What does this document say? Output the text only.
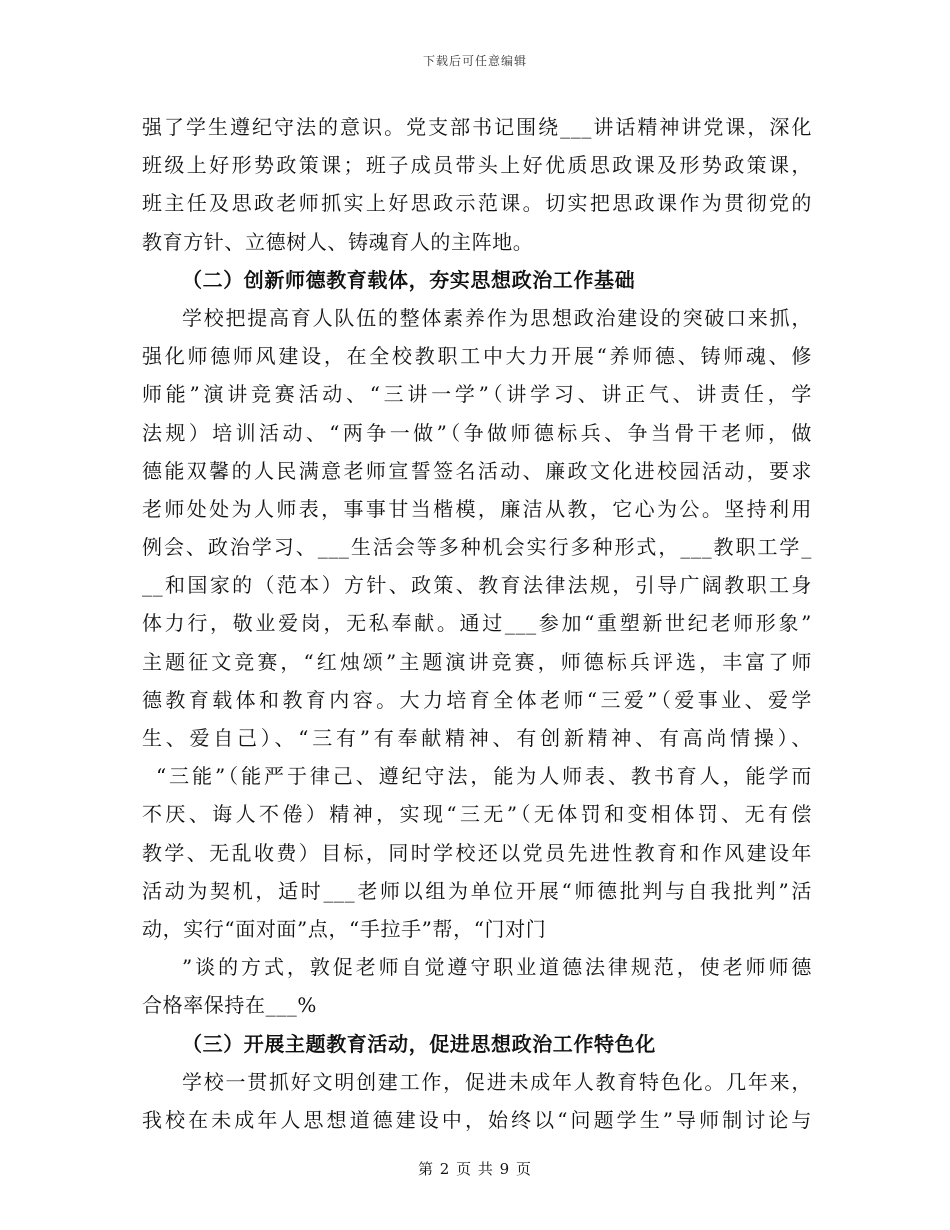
下载后可任意编辑
强了学生遵纪守法的意识。党支部书记围绕___讲话精神讲党课，深化
班级上好形势政策课；班子成员带头上好优质思政课及形势政策课，
班主任及思政老师抓实上好思政示范课。切实把思政课作为贯彻党的
教育方针、立德树人、铸魂育人的主阵地。
（二）创新师德教育载体，夯实思想政治工作基础
学校把提高育人队伍的整体素养作为思想政治建设的突破口来抓，
强化师德师风建设，在全校教职工中大力开展“养师德、铸师魂、修
师能”演讲竞赛活动、“三讲一学”（讲学习、讲正气、讲责任，学
法规）培训活动、“两争一做”（争做师德标兵、争当骨干老师，做
德能双馨的人民满意老师宣誓签名活动、廉政文化进校园活动，要求
老师处处为人师表，事事甘当楷模，廉洁从教，它心为公。坚持利用
例会、政治学习、___生活会等多种机会实行多种形式，___教职工学_
__和国家的（范本）方针、政策、教育法律法规，引导广阔教职工身
体力行，敬业爱岗，无私奉献。通过___参加“重塑新世纪老师形象”
主题征文竞赛，“红烛颂”主题演讲竞赛，师德标兵评选，丰富了师
德教育载体和教育内容。大力培育全体老师“三爱”（爱事业、爱学
生、爱自己）、“三有”有奉献精神、有创新精神、有高尚情操）、
“三能”（能严于律己、遵纪守法，能为人师表、教书育人，能学而
不厌、诲人不倦）精神，实现“三无”（无体罚和变相体罚、无有偿
教学、无乱收费）目标，同时学校还以党员先进性教育和作风建设年
活动为契机，适时___老师以组为单位开展“师德批判与自我批判”活
动，实行“面对面”点，“手拉手”帮，“门对门
”谈的方式，敦促老师自觉遵守职业道德法律规范，使老师师德
合格率保持在___%
（三）开展主题教育活动，促进思想政治工作特色化
学校一贯抓好文明创建工作，促进未成年人教育特色化。几年来，
我校在未成年人思想道德建设中，始终以“问题学生”导师制讨论与
第 2 页 共 9 页
